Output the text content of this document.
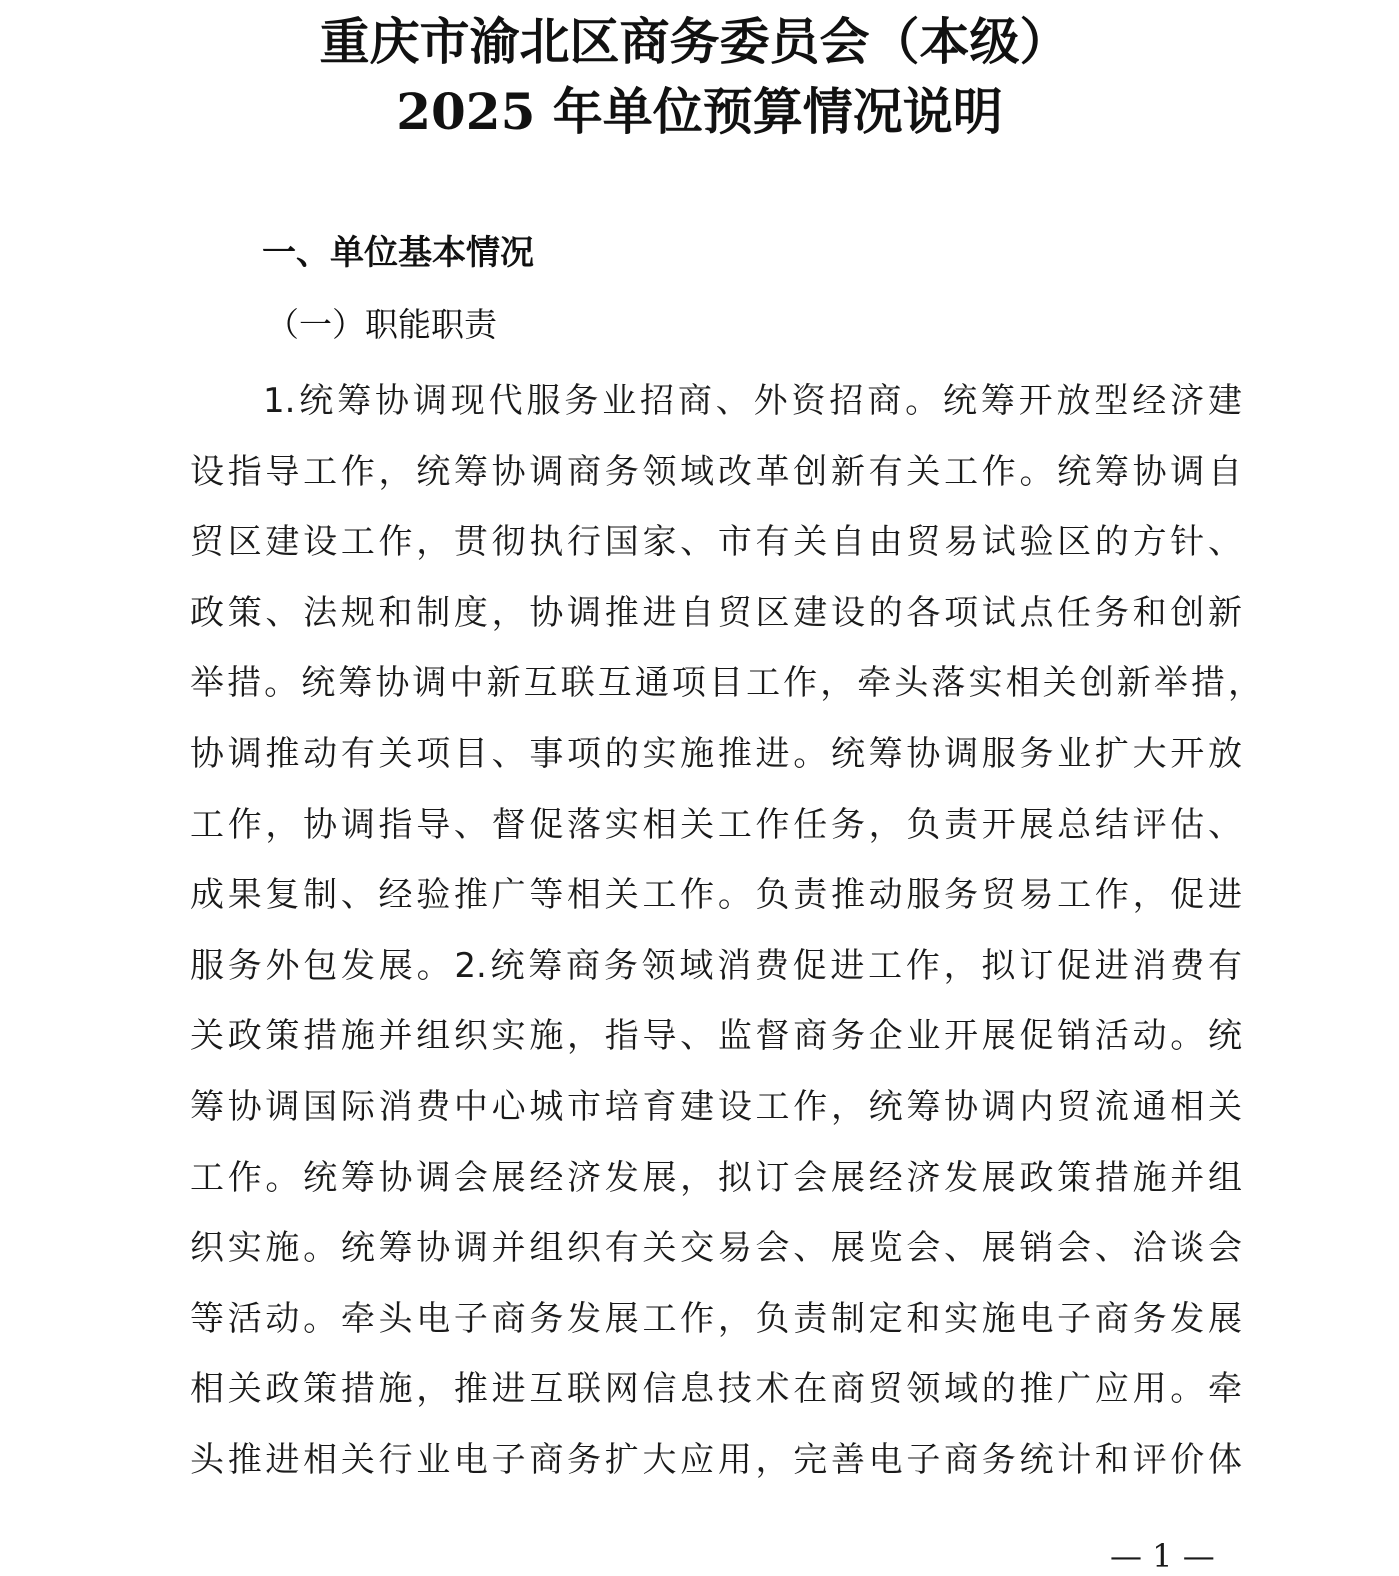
重庆市渝北区商务委员会（本级）
2025 年单位预算情况说明
一、单位基本情况
（一）职能职责
1.统筹协调现代服务业招商、外资招商。统筹开放型经济建
设指导工作，统筹协调商务领域改革创新有关工作。统筹协调自
贸区建设工作，贯彻执行国家、市有关自由贸易试验区的方针、
政策、法规和制度，协调推进自贸区建设的各项试点任务和创新
举措。统筹协调中新互联互通项目工作，牵头落实相关创新举措，
协调推动有关项目、事项的实施推进。统筹协调服务业扩大开放
工作，协调指导、督促落实相关工作任务，负责开展总结评估、
成果复制、经验推广等相关工作。负责推动服务贸易工作，促进
服务外包发展。2.统筹商务领域消费促进工作，拟订促进消费有
关政策措施并组织实施，指导、监督商务企业开展促销活动。统
筹协调国际消费中心城市培育建设工作，统筹协调内贸流通相关
工作。统筹协调会展经济发展，拟订会展经济发展政策措施并组
织实施。统筹协调并组织有关交易会、展览会、展销会、洽谈会
等活动。牵头电子商务发展工作，负责制定和实施电子商务发展
相关政策措施，推进互联网信息技术在商贸领域的推广应用。牵
头推进相关行业电子商务扩大应用，完善电子商务统计和评价体
— 1 —
